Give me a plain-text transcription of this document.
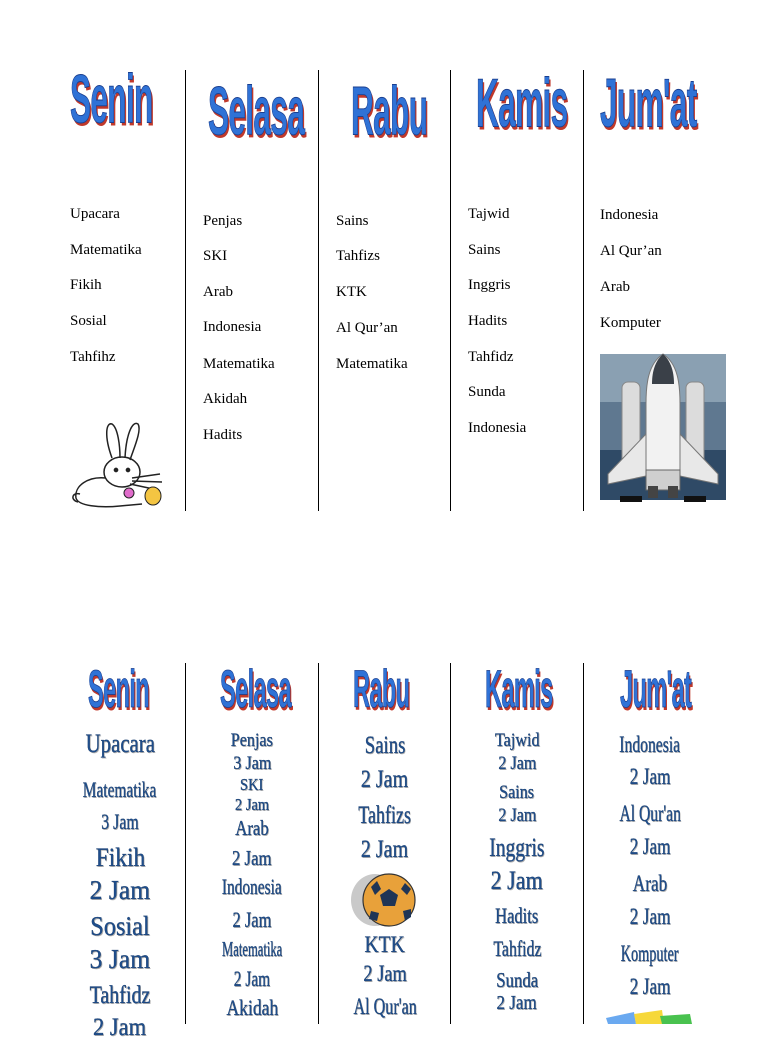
Senin
Upacara
Matematika
Fikih
Sosial
Tahfihz
Selasa
Penjas
SKI
Arab
Indonesia
Matematika
Akidah
Hadits
Rabu
Sains
Tahfizs
KTK
Al Qur’an
Matematika
Kamis
Tajwid
Sains
Inggris
Hadits
Tahfidz
Sunda
Indonesia
Jum'at
Indonesia
Al Qur’an
Arab
Komputer
Senin
Upacara
Matematika
3 Jam
Fikih
2 Jam
Sosial
3 Jam
Tahfidz
2 Jam
Selasa
Penjas
3 Jam
SKI
2 Jam
Arab
2 Jam
Indonesia
2 Jam
Matematika
2 Jam
Akidah
Rabu
Sains
2 Jam
Tahfizs
2 Jam
KTK
2 Jam
Al Qur'an
Kamis
Tajwid
2 Jam
Sains
2 Jam
Inggris
2 Jam
Hadits
Tahfidz
Sunda
2 Jam
Jum'at
Indonesia
2 Jam
Al Qur'an
2 Jam
Arab
2 Jam
Komputer
2 Jam
